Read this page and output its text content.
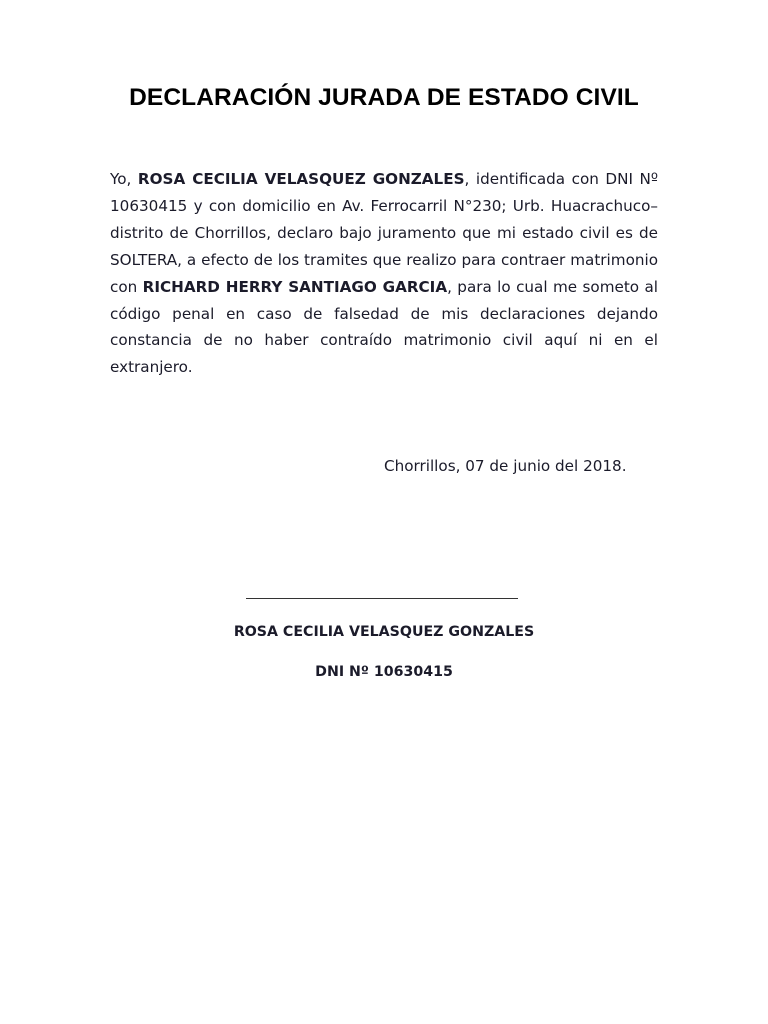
DECLARACIÓN JURADA DE ESTADO CIVIL

Yo, ROSA CECILIA VELASQUEZ GONZALES, identificada con DNI Nº 10630415 y con domicilio en Av. Ferrocarril N°230; Urb. Huacrachuco– distrito de Chorrillos, declaro bajo juramento que mi estado civil es de SOLTERA, a efecto de los tramites que realizo para contraer matrimonio con RICHARD HERRY SANTIAGO GARCIA, para lo cual me someto al código penal en caso de falsedad de mis declaraciones dejando constancia de no haber contraído matrimonio civil aquí ni en el extranjero.

Chorrillos, 07 de junio del 2018.
ROSA CECILIA VELASQUEZ GONZALES
DNI Nº 10630415
